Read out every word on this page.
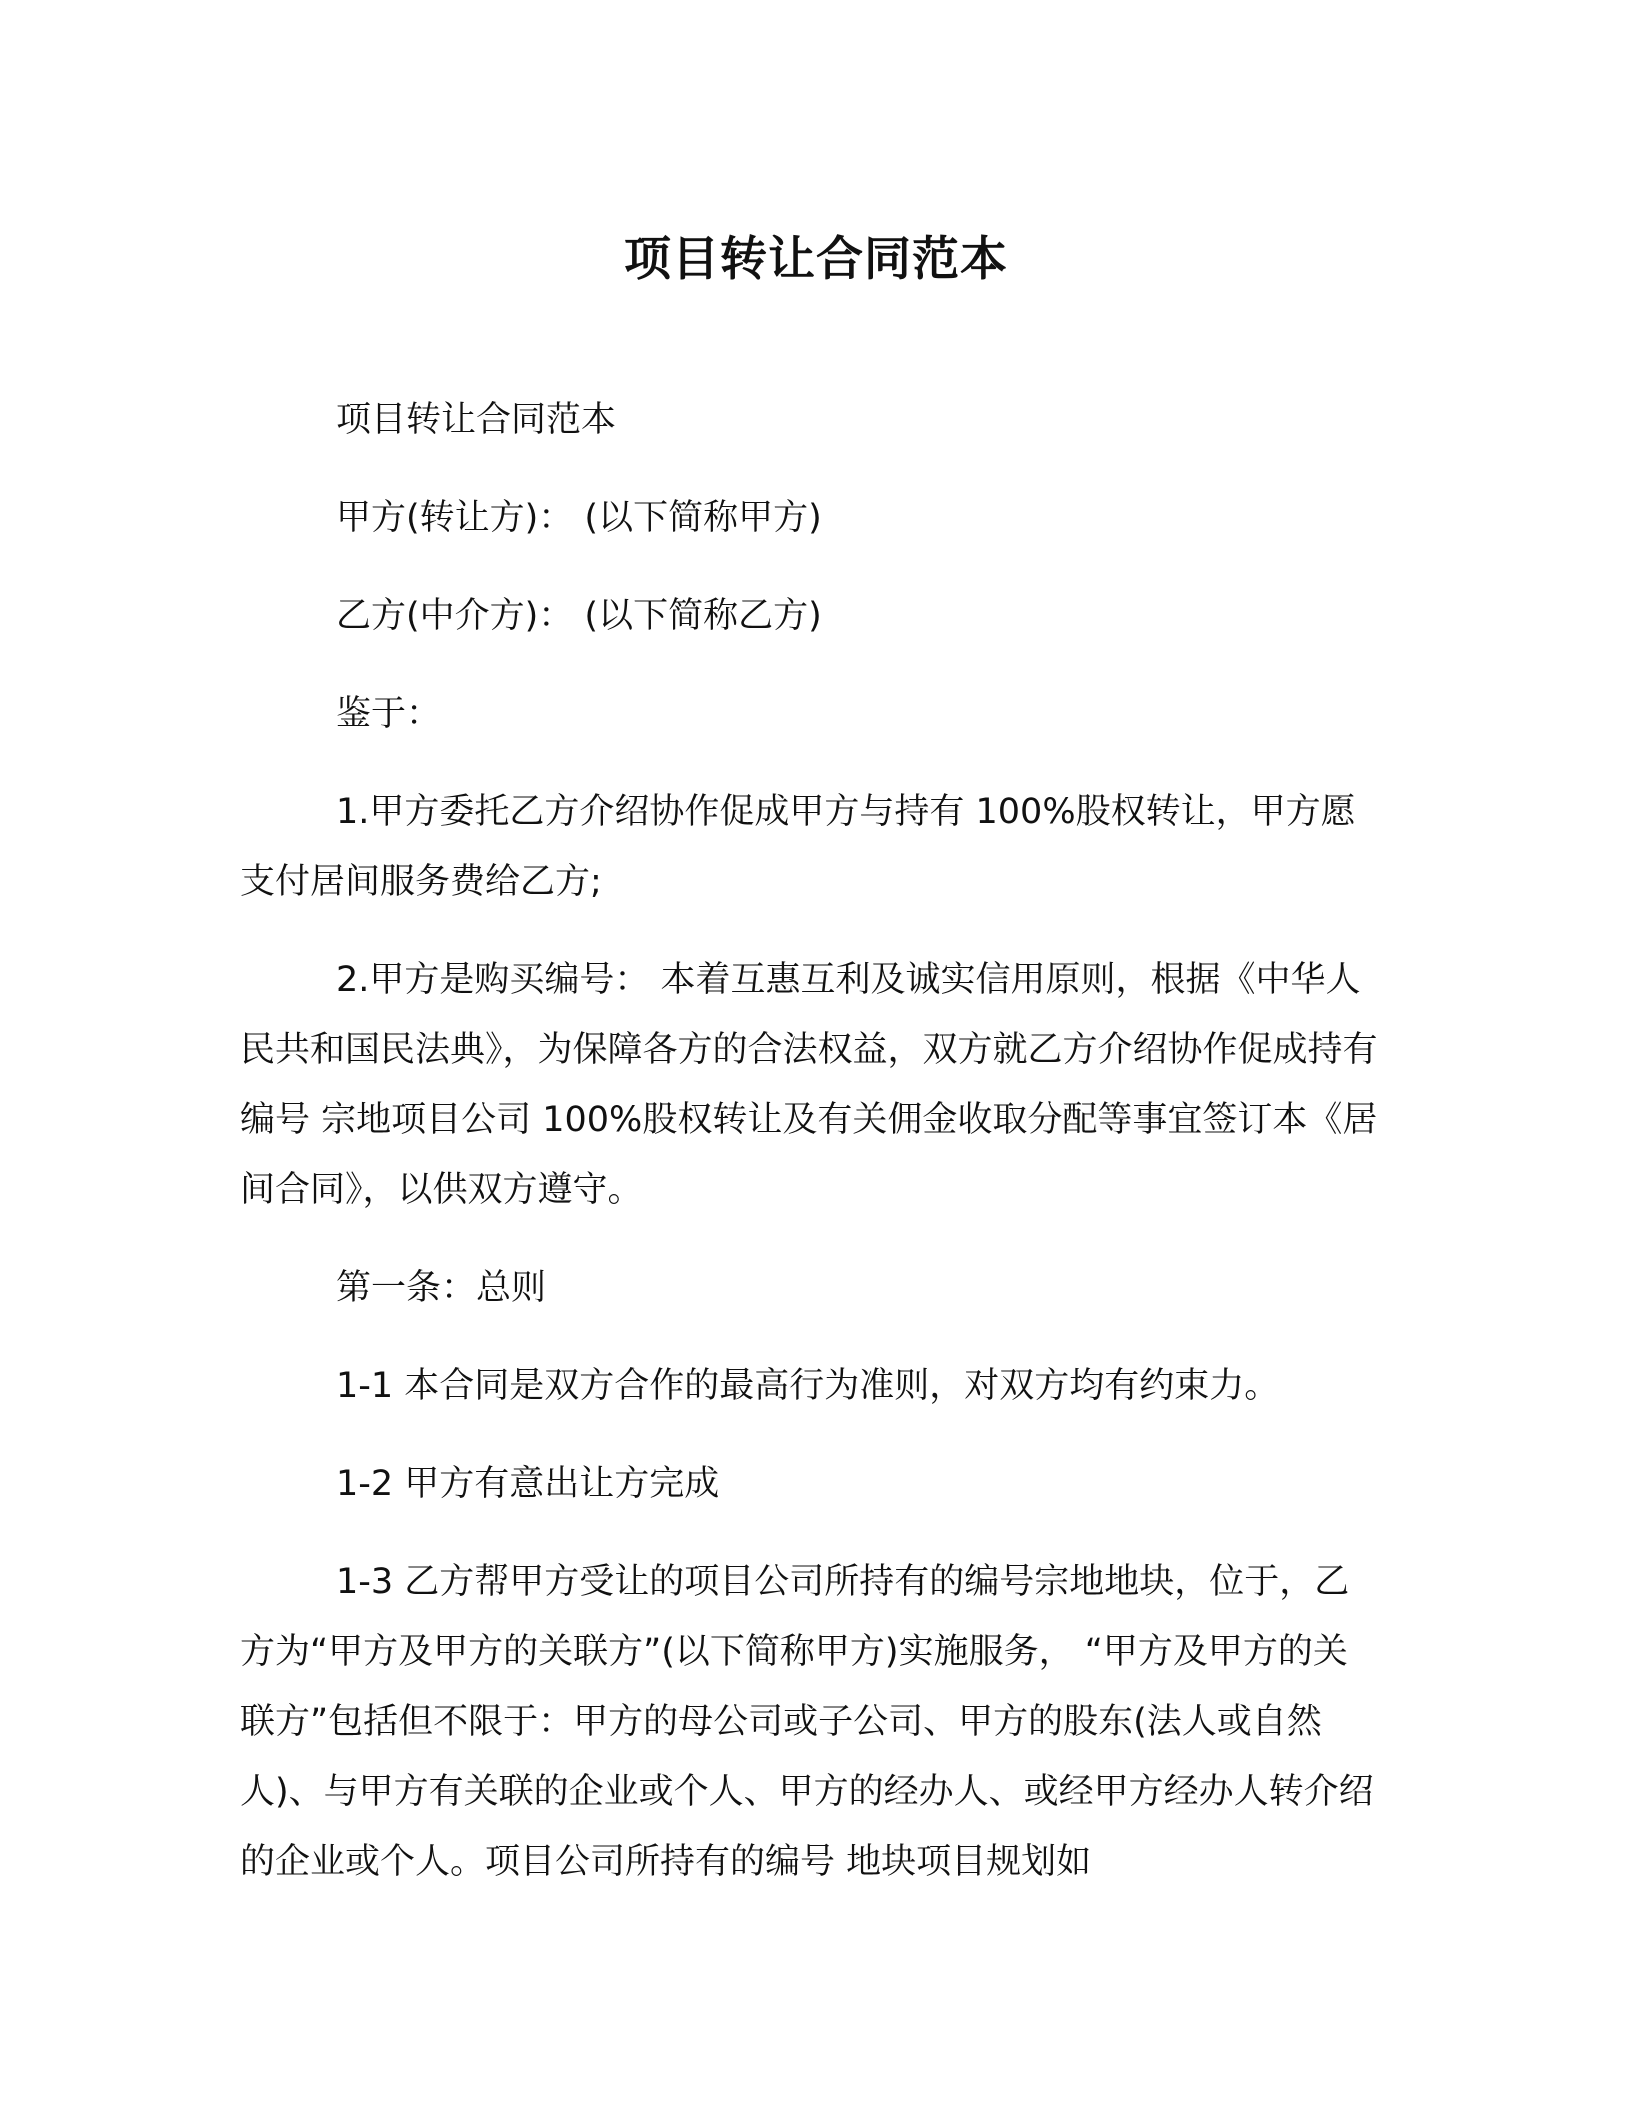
项目转让合同范本

项目转让合同范本

甲方(转让方)： (以下简称甲方)

乙方(中介方)： (以下简称乙方)

鉴于：

1.甲方委托乙方介绍协作促成甲方与持有 100%股权转让，甲方愿支付居间服务费给乙方;

2.甲方是购买编号： 本着互惠互利及诚实信用原则，根据《中华人民共和国民法典》，为保障各方的合法权益，双方就乙方介绍协作促成持有编号 宗地项目公司 100%股权转让及有关佣金收取分配等事宜签订本《居间合同》，以供双方遵守。

第一条：总则

1-1 本合同是双方合作的最高行为准则，对双方均有约束力。

1-2 甲方有意出让方完成

1-3 乙方帮甲方受让的项目公司所持有的编号宗地地块，位于，乙方为“甲方及甲方的关联方”(以下简称甲方)实施服务， “甲方及甲方的关联方”包括但不限于：甲方的母公司或子公司、甲方的股东(法人或自然人)、与甲方有关联的企业或个人、甲方的经办人、或经甲方经办人转介绍的企业或个人。项目公司所持有的编号 地块项目规划如
